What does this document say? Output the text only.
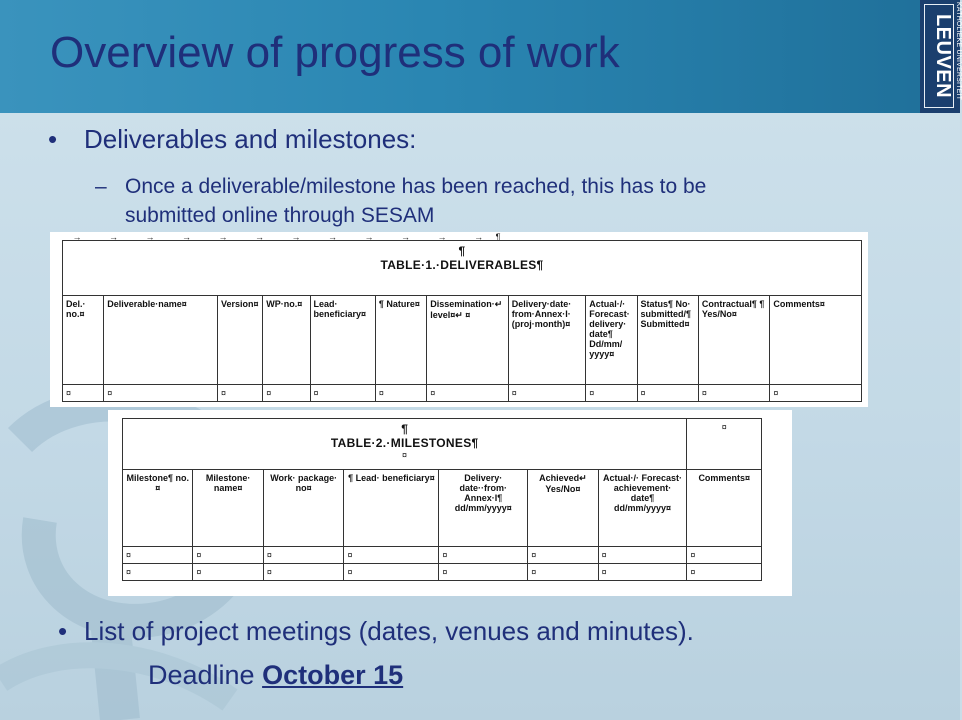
Overview of progress of work	KATHOLIEKE UNIVERSITEIT
LEUVEN
• Deliverables and milestones:
– Once a deliverable/milestone has been reached, this has to be
submitted online through SESAM
→           →           →           →           →           →           →           →           →           →           →           →     ¶
¶
TABLE·1.·DELIVERABLES¶											

Del.· no.¤	Deliverable·name¤	Version¤	WP·no.¤	Lead· beneficiary¤	¶ Nature¤	Dissemination·↵ level¤↵ ¤	Delivery·date· from·Annex·I· (proj·month)¤	Actual·/· Forecast· delivery· date¶ Dd/mm/ yyyy¤	Status¶ No· submitted/¶ Submitted¤	Contractual¶ ¶ Yes/No¤	Comments¤
¤	¤	¤	¤	¤	¤	¤	¤	¤	¤	¤	¤
¶
TABLE·2.·MILESTONES¶
¤							¤
Milestone¶ no.¤	Milestone· name¤	Work· package· no¤	¶ Lead· beneficiary¤	Delivery· date··from· Annex·I¶ dd/mm/yyyy¤	Achieved↵ Yes/No¤	Actual·/· Forecast· achievement· date¶ dd/mm/yyyy¤	Comments¤
¤	¤	¤	¤	¤	¤	¤	¤
¤	¤	¤	¤	¤	¤	¤	¤
• List of project meetings (dates, venues and minutes).
Deadline October 15
